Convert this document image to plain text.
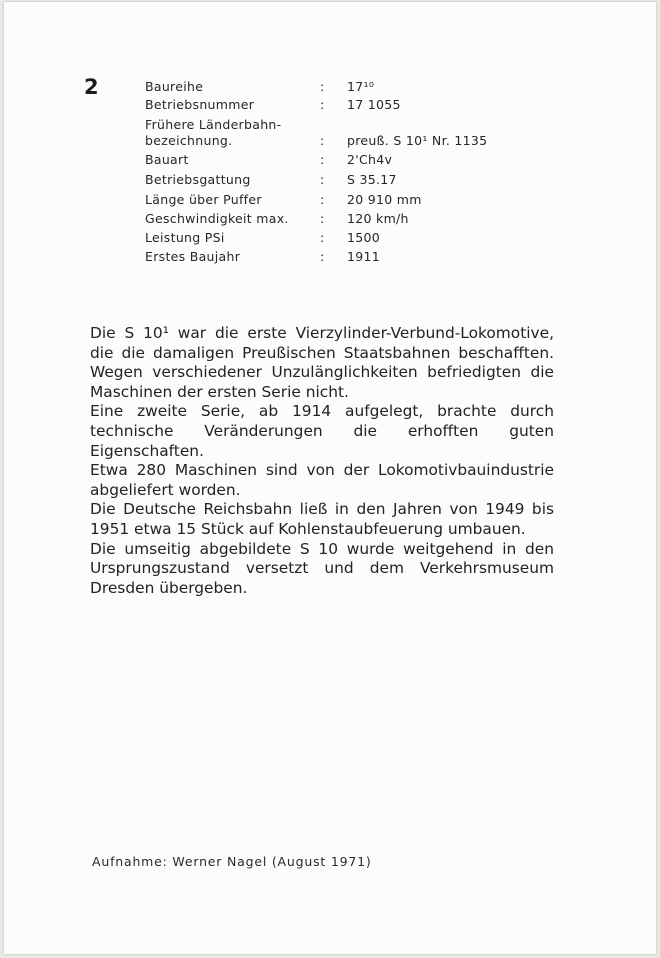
2	Baureihe	: 17¹⁰
Betriebsnummer	: 17 1055
Frühere Länderbahn-
bezeichnung.	: preuß. S 10¹ Nr. 1135
Bauart	: 2'Ch4v
Betriebsgattung	: S 35.17
Länge über Puffer	: 20 910 mm
Geschwindigkeit max.	: 120 km/h
Leistung PSi	: 1500
Erstes Baujahr	: 1911

Die S 10¹ war die erste Vierzylinder-Verbund-Lokomotive, die die damaligen Preußischen Staatsbahnen beschafften. Wegen verschiedener Unzulänglichkeiten befriedigten die Maschinen der ersten Serie nicht.

Eine zweite Serie, ab 1914 aufgelegt, brachte durch technische Veränderungen die erhofften guten Eigenschaften.

Etwa 280 Maschinen sind von der Lokomotivbauindustrie abgeliefert worden.

Die Deutsche Reichsbahn ließ in den Jahren von 1949 bis 1951 etwa 15 Stück auf Kohlenstaubfeuerung umbauen.

Die umseitig abgebildete S 10 wurde weitgehend in den Ursprungszustand versetzt und dem Verkehrsmuseum Dresden übergeben.

Aufnahme: Werner Nagel (August 1971)
